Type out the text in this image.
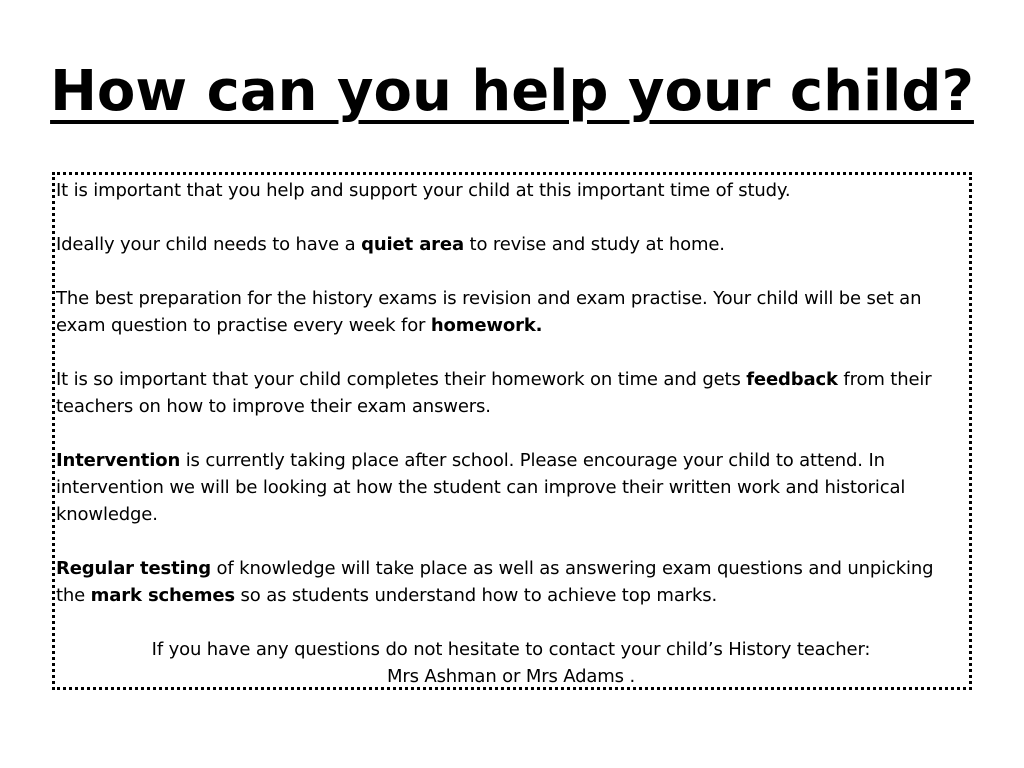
How can you help your child?

It is important that you help and support your child at this important time of study.

Ideally your child needs to have a quiet area to revise and study at home.

The best preparation for the history exams is revision and exam practise. Your child will be set an exam question to practise every week for homework.

It is so important that your child completes their homework on time and gets feedback from their teachers on how to improve their exam answers.

Intervention is currently taking place after school. Please encourage your child to attend. In intervention we will be looking at how the student can improve their written work and historical knowledge.

Regular testing of knowledge will take place as well as answering exam questions and unpicking the mark schemes so as students understand how to achieve top marks.

If you have any questions do not hesitate to contact your child’s History teacher:
Mrs Ashman or Mrs Adams .
